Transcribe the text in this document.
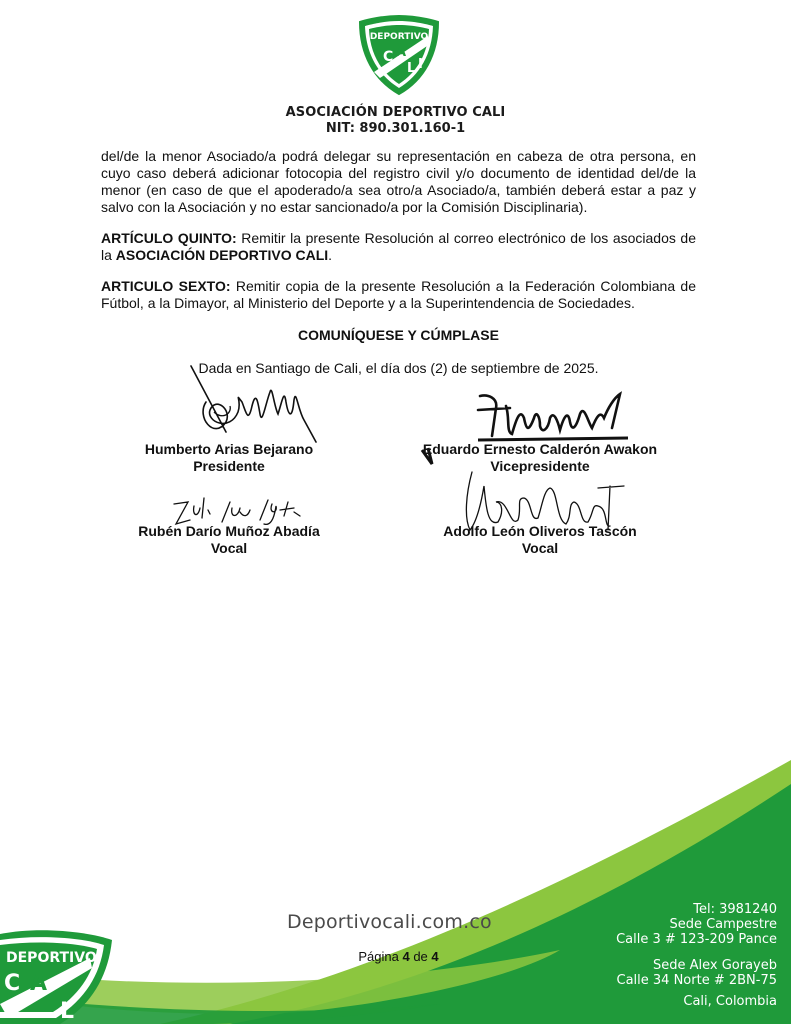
DEPORTIVO
C A
L I
ASOCIACIÓN DEPORTIVO CALI
NIT: 890.301.160-1

del/de la menor Asociado/a podrá delegar su representación en cabeza de otra persona, en cuyo caso deberá adicionar fotocopia del registro civil y/o documento de identidad del/de la menor (en caso de que el apoderado/a sea otro/a Asociado/a, también deberá estar a paz y salvo con la Asociación y no estar sancionado/a por la Comisión Disciplinaria).

ARTÍCULO QUINTO: Remitir la presente Resolución al correo electrónico de los asociados de la ASOCIACIÓN DEPORTIVO CALI.

ARTICULO SEXTO: Remitir copia de la presente Resolución a la Federación Colombiana de Fútbol, a la Dimayor, al Ministerio del Deporte y a la Superintendencia de Sociedades.

COMUNÍQUESE Y CÚMPLASE
Dada en Santiago de Cali, el día dos (2) de septiembre de 2025.
Humberto Arias Bejarano
Presidente
Eduardo Ernesto Calderón Awakon
Vicepresidente
Rubén Darío Muñoz Abadía
Vocal
Adolfo León Oliveros Tascón
Vocal
DEPORTIVO
C A
L
Deportivocali.com.co
Página 4 de 4
Tel: 3981240
Sede Campestre
Calle 3 # 123-209 Pance
Sede Alex Gorayeb
Calle 34 Norte # 2BN-75
Cali, Colombia
